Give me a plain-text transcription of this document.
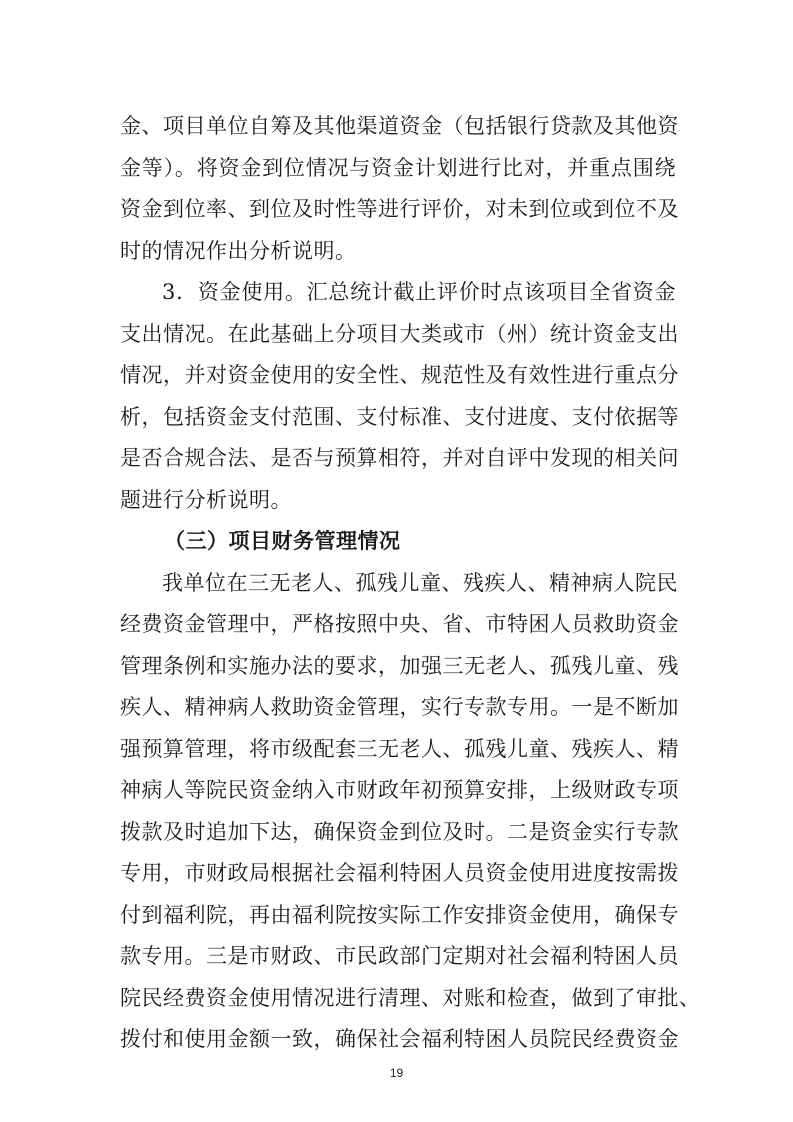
金、项目单位自筹及其他渠道资金（包括银行贷款及其他资
金等）。将资金到位情况与资金计划进行比对，并重点围绕
资金到位率、到位及时性等进行评价，对未到位或到位不及
时的情况作出分析说明。
3．资金使用。汇总统计截止评价时点该项目全省资金
支出情况。在此基础上分项目大类或市（州）统计资金支出
情况，并对资金使用的安全性、规范性及有效性进行重点分
析，包括资金支付范围、支付标准、支付进度、支付依据等
是否合规合法、是否与预算相符，并对自评中发现的相关问
题进行分析说明。
（三）项目财务管理情况
我单位在三无老人、孤残儿童、残疾人、精神病人院民
经费资金管理中，严格按照中央、省、市特困人员救助资金
管理条例和实施办法的要求，加强三无老人、孤残儿童、残
疾人、精神病人救助资金管理，实行专款专用。一是不断加
强预算管理，将市级配套三无老人、孤残儿童、残疾人、精
神病人等院民资金纳入市财政年初预算安排，上级财政专项
拨款及时追加下达，确保资金到位及时。二是资金实行专款
专用，市财政局根据社会福利特困人员资金使用进度按需拨
付到福利院，再由福利院按实际工作安排资金使用，确保专
款专用。三是市财政、市民政部门定期对社会福利特困人员
院民经费资金使用情况进行清理、对账和检查，做到了审批、
拨付和使用金额一致，确保社会福利特困人员院民经费资金
19
